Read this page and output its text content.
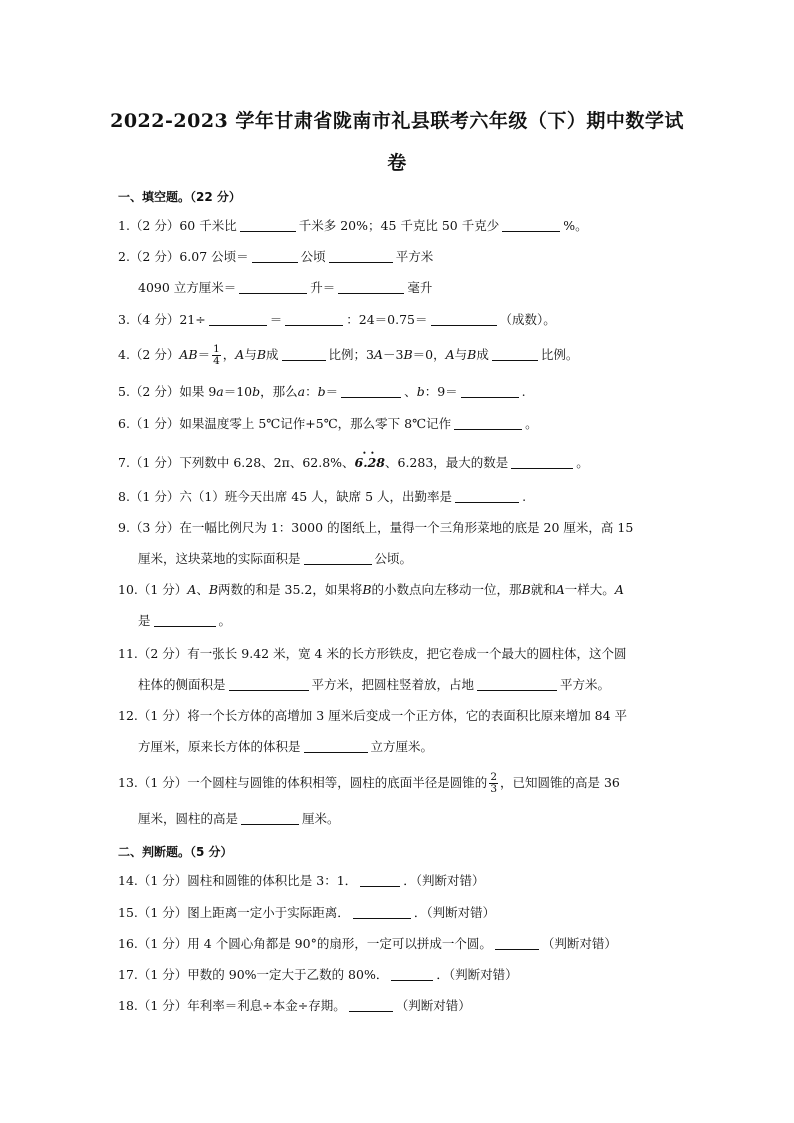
2022-2023 学年甘肃省陇南市礼县联考六年级（下）期中数学试
卷
一、填空题。（22 分）
1.（2 分）60 千米比	千米多 20%；45 千克比 50 千克少	%。
2.（2 分）6.07 公顷＝	公顷	平方米
4090 立方厘米＝	升＝	毫升
3.（4 分）21÷	＝	：24＝0.75＝	（成数）。
4.（2 分）$AB= \frac{1}{4}$ ，A与B成	比例；3A－3B＝0，A与B成	比例。
5.（2 分）如果 9a＝10b，那么a：b＝	、b：9＝	.
6.（1 分）如果温度零上 5℃记作+5℃，那么零下 8℃记作	。
7.（1 分）下列数中 6.28、2π、62.8%、• • 6.28、6.283，最大的数是	。
8.（1 分）六（1）班今天出席 45 人，缺席 5 人，出勤率是	.
9.（3 分）在一幅比例尺为 1：3000 的图纸上，量得一个三角形菜地的底是 20 厘米，高 15
厘米，这块菜地的实际面积是	公顷。
10.（1 分）A、B两数的和是 35.2，如果将B的小数点向左移动一位，那B就和A一样大。A
是	。
11.（2 分）有一张长 9.42 米，宽 4 米的长方形铁皮，把它卷成一个最大的圆柱体，这个圆
柱体的侧面积是	平方米，把圆柱竖着放，占地	平方米。
12.（1 分）将一个长方体的高增加 3 厘米后变成一个正方体，它的表面积比原来增加 84 平
方厘米，原来长方体的体积是	立方厘米。
13.（1 分）一个圆柱与圆锥的体积相等，圆柱的底面半径是圆锥的 $\frac{2}{3}$ ，已知圆锥的高是 36
厘米，圆柱的高是	厘米。
二、判断题。（5 分）
14.（1 分）圆柱和圆锥的体积比是 3：1．	．（判断对错）
15.（1 分）图上距离一定小于实际距离．	．（判断对错）
16.（1 分）用 4 个圆心角都是 90°的扇形，一定可以拼成一个圆。	（判断对错）
17.（1 分）甲数的 90%一定大于乙数的 80%．	．（判断对错）
18.（1 分）年利率＝利息÷本金÷存期。	（判断对错）
